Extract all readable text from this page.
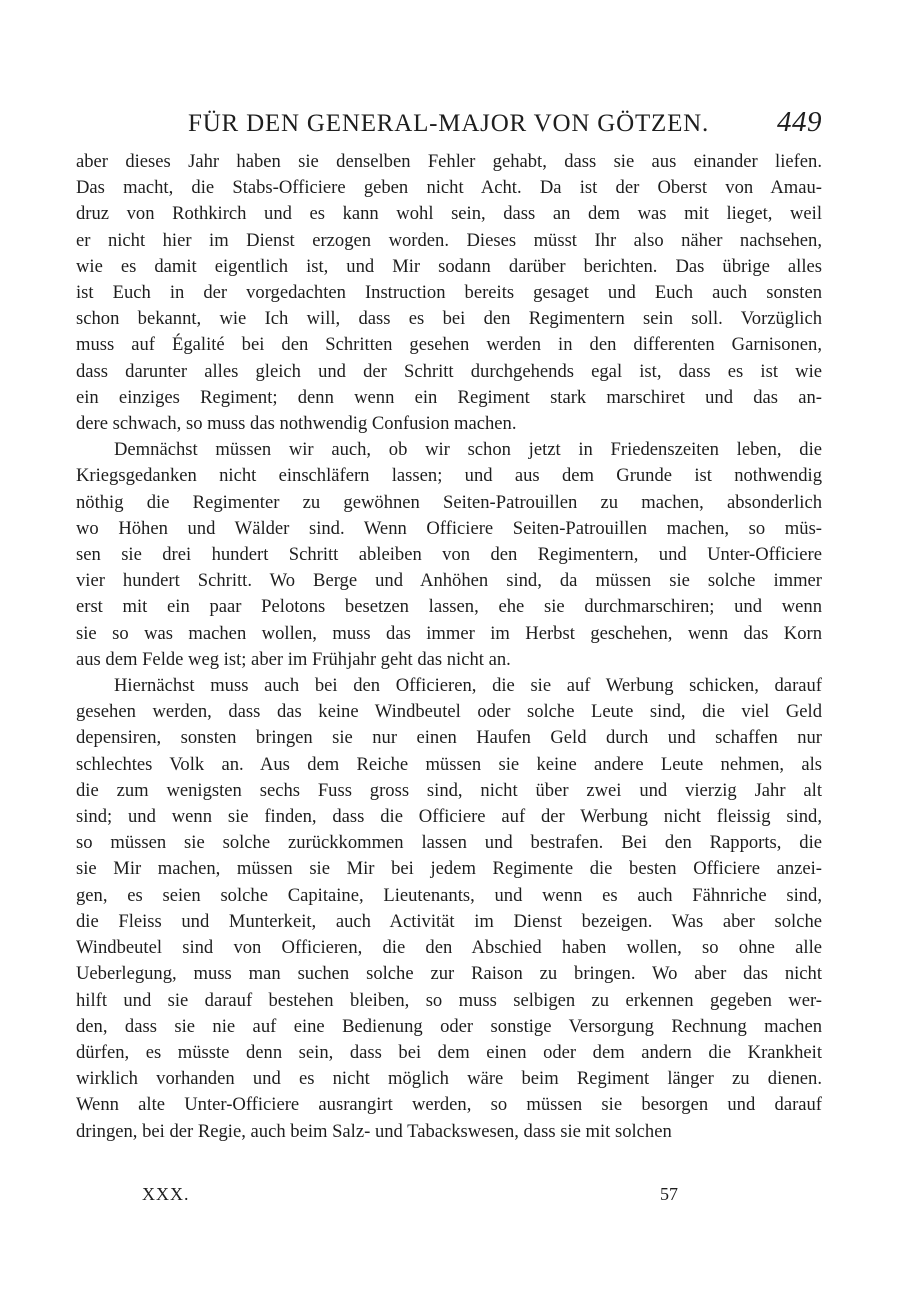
FÜR DEN GENERAL-MAJOR VON GÖTZEN. 449
aber dieses Jahr haben sie denselben Fehler gehabt, dass sie aus einander liefen.
Das macht, die Stabs-Officiere geben nicht Acht. Da ist der Oberst von Amau-
druz von Rothkirch und es kann wohl sein, dass an dem was mit lieget, weil
er nicht hier im Dienst erzogen worden. Dieses müsst Ihr also näher nachsehen,
wie es damit eigentlich ist, und Mir sodann darüber berichten. Das übrige alles
ist Euch in der vorgedachten Instruction bereits gesaget und Euch auch sonsten
schon bekannt, wie Ich will, dass es bei den Regimentern sein soll. Vorzüglich
muss auf Égalité bei den Schritten gesehen werden in den differenten Garnisonen,
dass darunter alles gleich und der Schritt durchgehends egal ist, dass es ist wie
ein einziges Regiment; denn wenn ein Regiment stark marschiret und das an-
dere schwach, so muss das nothwendig Confusion machen.
Demnächst müssen wir auch, ob wir schon jetzt in Friedenszeiten leben, die
Kriegsgedanken nicht einschläfern lassen; und aus dem Grunde ist nothwendig
nöthig die Regimenter zu gewöhnen Seiten-Patrouillen zu machen, absonderlich
wo Höhen und Wälder sind. Wenn Officiere Seiten-Patrouillen machen, so müs-
sen sie drei hundert Schritt ableiben von den Regimentern, und Unter-Officiere
vier hundert Schritt. Wo Berge und Anhöhen sind, da müssen sie solche immer
erst mit ein paar Pelotons besetzen lassen, ehe sie durchmarschiren; und wenn
sie so was machen wollen, muss das immer im Herbst geschehen, wenn das Korn
aus dem Felde weg ist; aber im Frühjahr geht das nicht an.
Hiernächst muss auch bei den Officieren, die sie auf Werbung schicken, darauf
gesehen werden, dass das keine Windbeutel oder solche Leute sind, die viel Geld
depensiren, sonsten bringen sie nur einen Haufen Geld durch und schaffen nur
schlechtes Volk an. Aus dem Reiche müssen sie keine andere Leute nehmen, als
die zum wenigsten sechs Fuss gross sind, nicht über zwei und vierzig Jahr alt
sind; und wenn sie finden, dass die Officiere auf der Werbung nicht fleissig sind,
so müssen sie solche zurückkommen lassen und bestrafen. Bei den Rapports, die
sie Mir machen, müssen sie Mir bei jedem Regimente die besten Officiere anzei-
gen, es seien solche Capitaine, Lieutenants, und wenn es auch Fähnriche sind,
die Fleiss und Munterkeit, auch Activität im Dienst bezeigen. Was aber solche
Windbeutel sind von Officieren, die den Abschied haben wollen, so ohne alle
Ueberlegung, muss man suchen solche zur Raison zu bringen. Wo aber das nicht
hilft und sie darauf bestehen bleiben, so muss selbigen zu erkennen gegeben wer-
den, dass sie nie auf eine Bedienung oder sonstige Versorgung Rechnung machen
dürfen, es müsste denn sein, dass bei dem einen oder dem andern die Krankheit
wirklich vorhanden und es nicht möglich wäre beim Regiment länger zu dienen.
Wenn alte Unter-Officiere ausrangirt werden, so müssen sie besorgen und darauf
dringen, bei der Regie, auch beim Salz- und Tabackswesen, dass sie mit solchen
XXX.	57
